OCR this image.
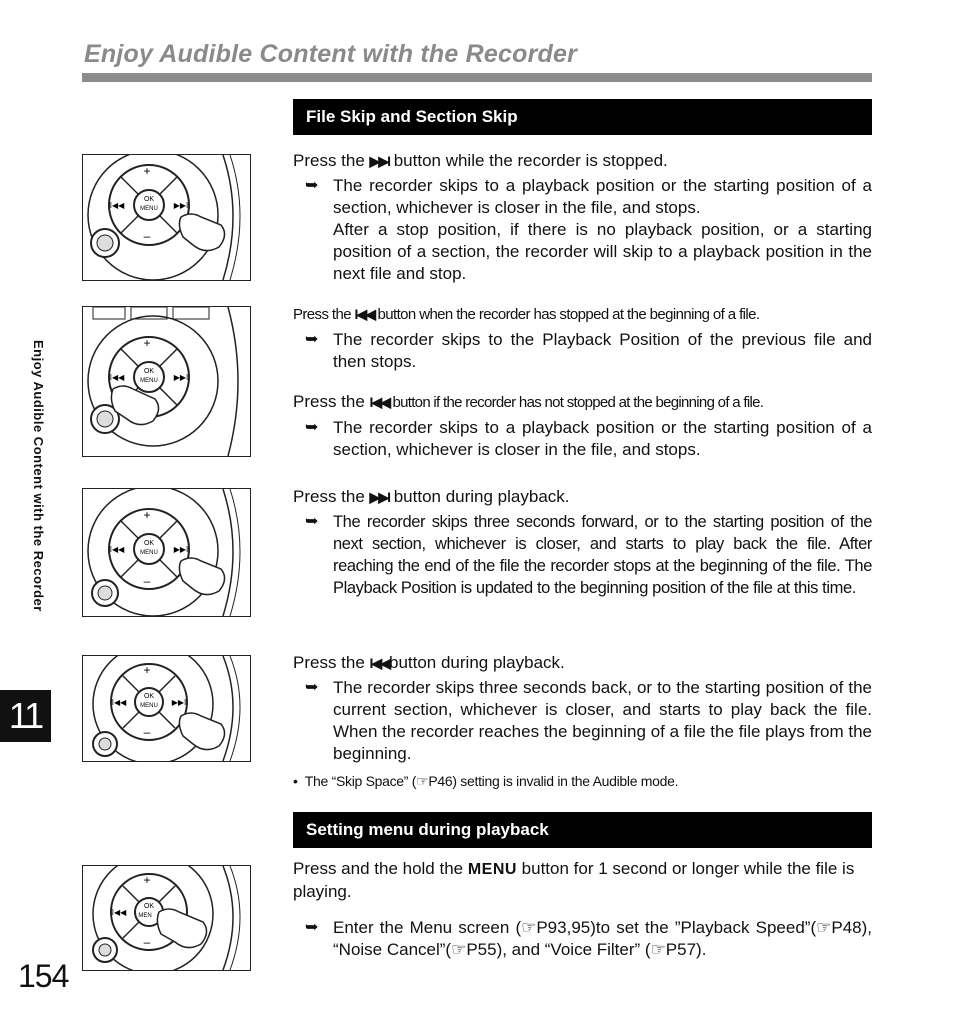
Enjoy Audible Content with the Recorder
Enjoy Audible Content with the Recorder
11
154
File Skip and Section Skip
Setting menu during playback
OK
MENU
+
–
I◀◀	▶▶I
OK
MENU
+
I◀◀	▶▶I
OK
MENU
+
–
I◀◀	▶▶I
OK
MENU
+
–
I◀◀	▶▶I
OK
MEN
+
–
I◀◀
Press the ▶▶I button while the recorder is stopped.
➥ The recorder skips to a playback position or the starting position of a section, whichever is closer in the file, and stops.
After a stop position, if there is no playback position, or a starting position of a section, the recorder will skip to a playback position in the next file and stop.
Press the I◀◀ button when the recorder has stopped at the beginning of a file.
➥ The recorder skips to the Playback Position of the previous file and then stops.
Press the I◀◀ button if the recorder has not stopped at the beginning of a file.
➥ The recorder skips to a playback position or the starting position of a section, whichever is closer in the file, and stops.
Press the ▶▶I button during playback.
➥ The recorder skips three seconds forward, or to the starting position of the next section, whichever is closer, and starts to play back the file. After reaching the end of the file the recorder stops at the beginning of the file. The Playback Position is updated to the beginning position of the file at this time.
Press the I◀◀button during playback.
➥ The recorder skips three seconds back, or to the starting position of the current section, whichever is closer, and starts to play back the file. When the recorder reaches the beginning of a file the file plays from the beginning.
•  The “Skip Space” (☞P46) setting is invalid in the Audible mode.
Press and the hold the MENU button for 1 second or longer while the file is playing.
➥ Enter the Menu screen (☞P93,95)to set the ”Playback Speed”(☞P48), “Noise Cancel”(☞P55), and “Voice Filter” (☞P57).
